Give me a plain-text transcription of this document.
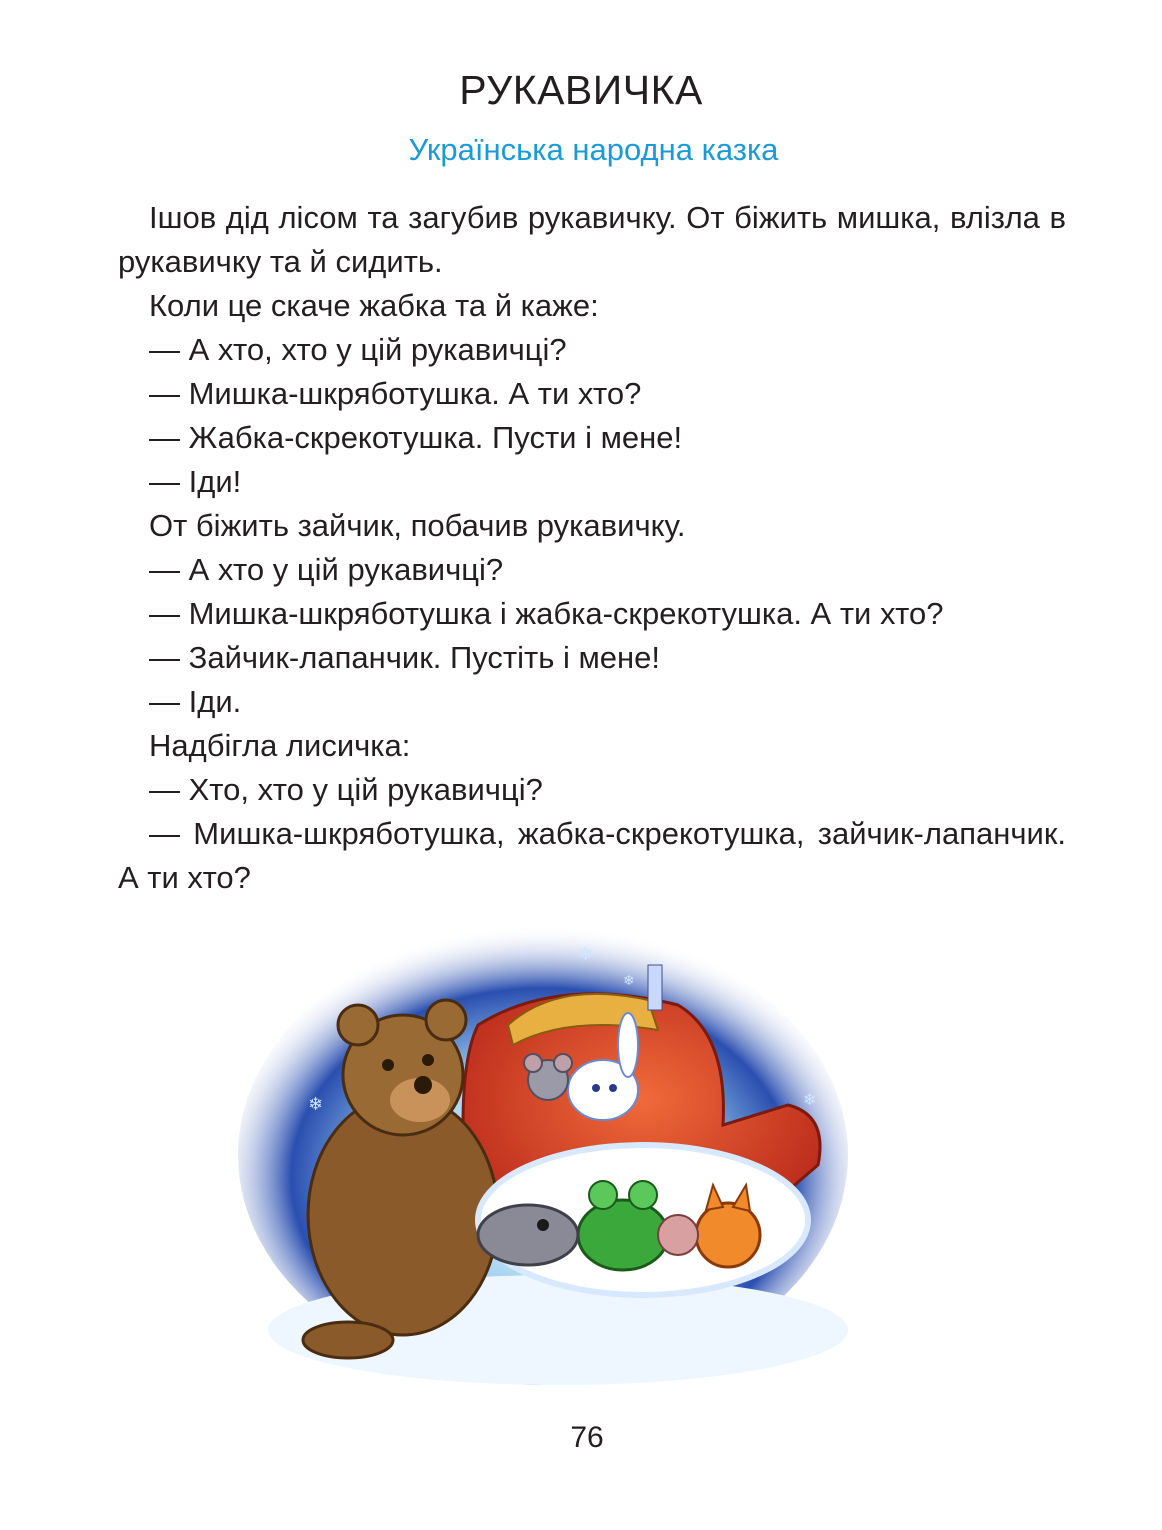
РУКАВИЧКА
Українська народна казка

Ішов дід лісом та загубив рукавичку. От біжить мишка, влізла в рукавичку та й сидить.

Коли це скаче жабка та й каже:

— А хто, хто у цій рукавичці?

— Мишка-шкряботушка. А ти хто?

— Жабка-скрекотушка. Пусти і мене!

— Іди!

От біжить зайчик, побачив рукавичку.

— А хто у цій рукавичці?

— Мишка-шкряботушка і жабка-скрекотушка. А ти хто?

— Зайчик-лапанчик. Пустіть і мене!

— Іди.

Надбігла лисичка:

— Хто, хто у цій рукавичці?

— Мишка-шкряботушка, жабка-скрекотушка, зайчик-лапанчик. А ти хто?

❄
❄	❄
❄
76
